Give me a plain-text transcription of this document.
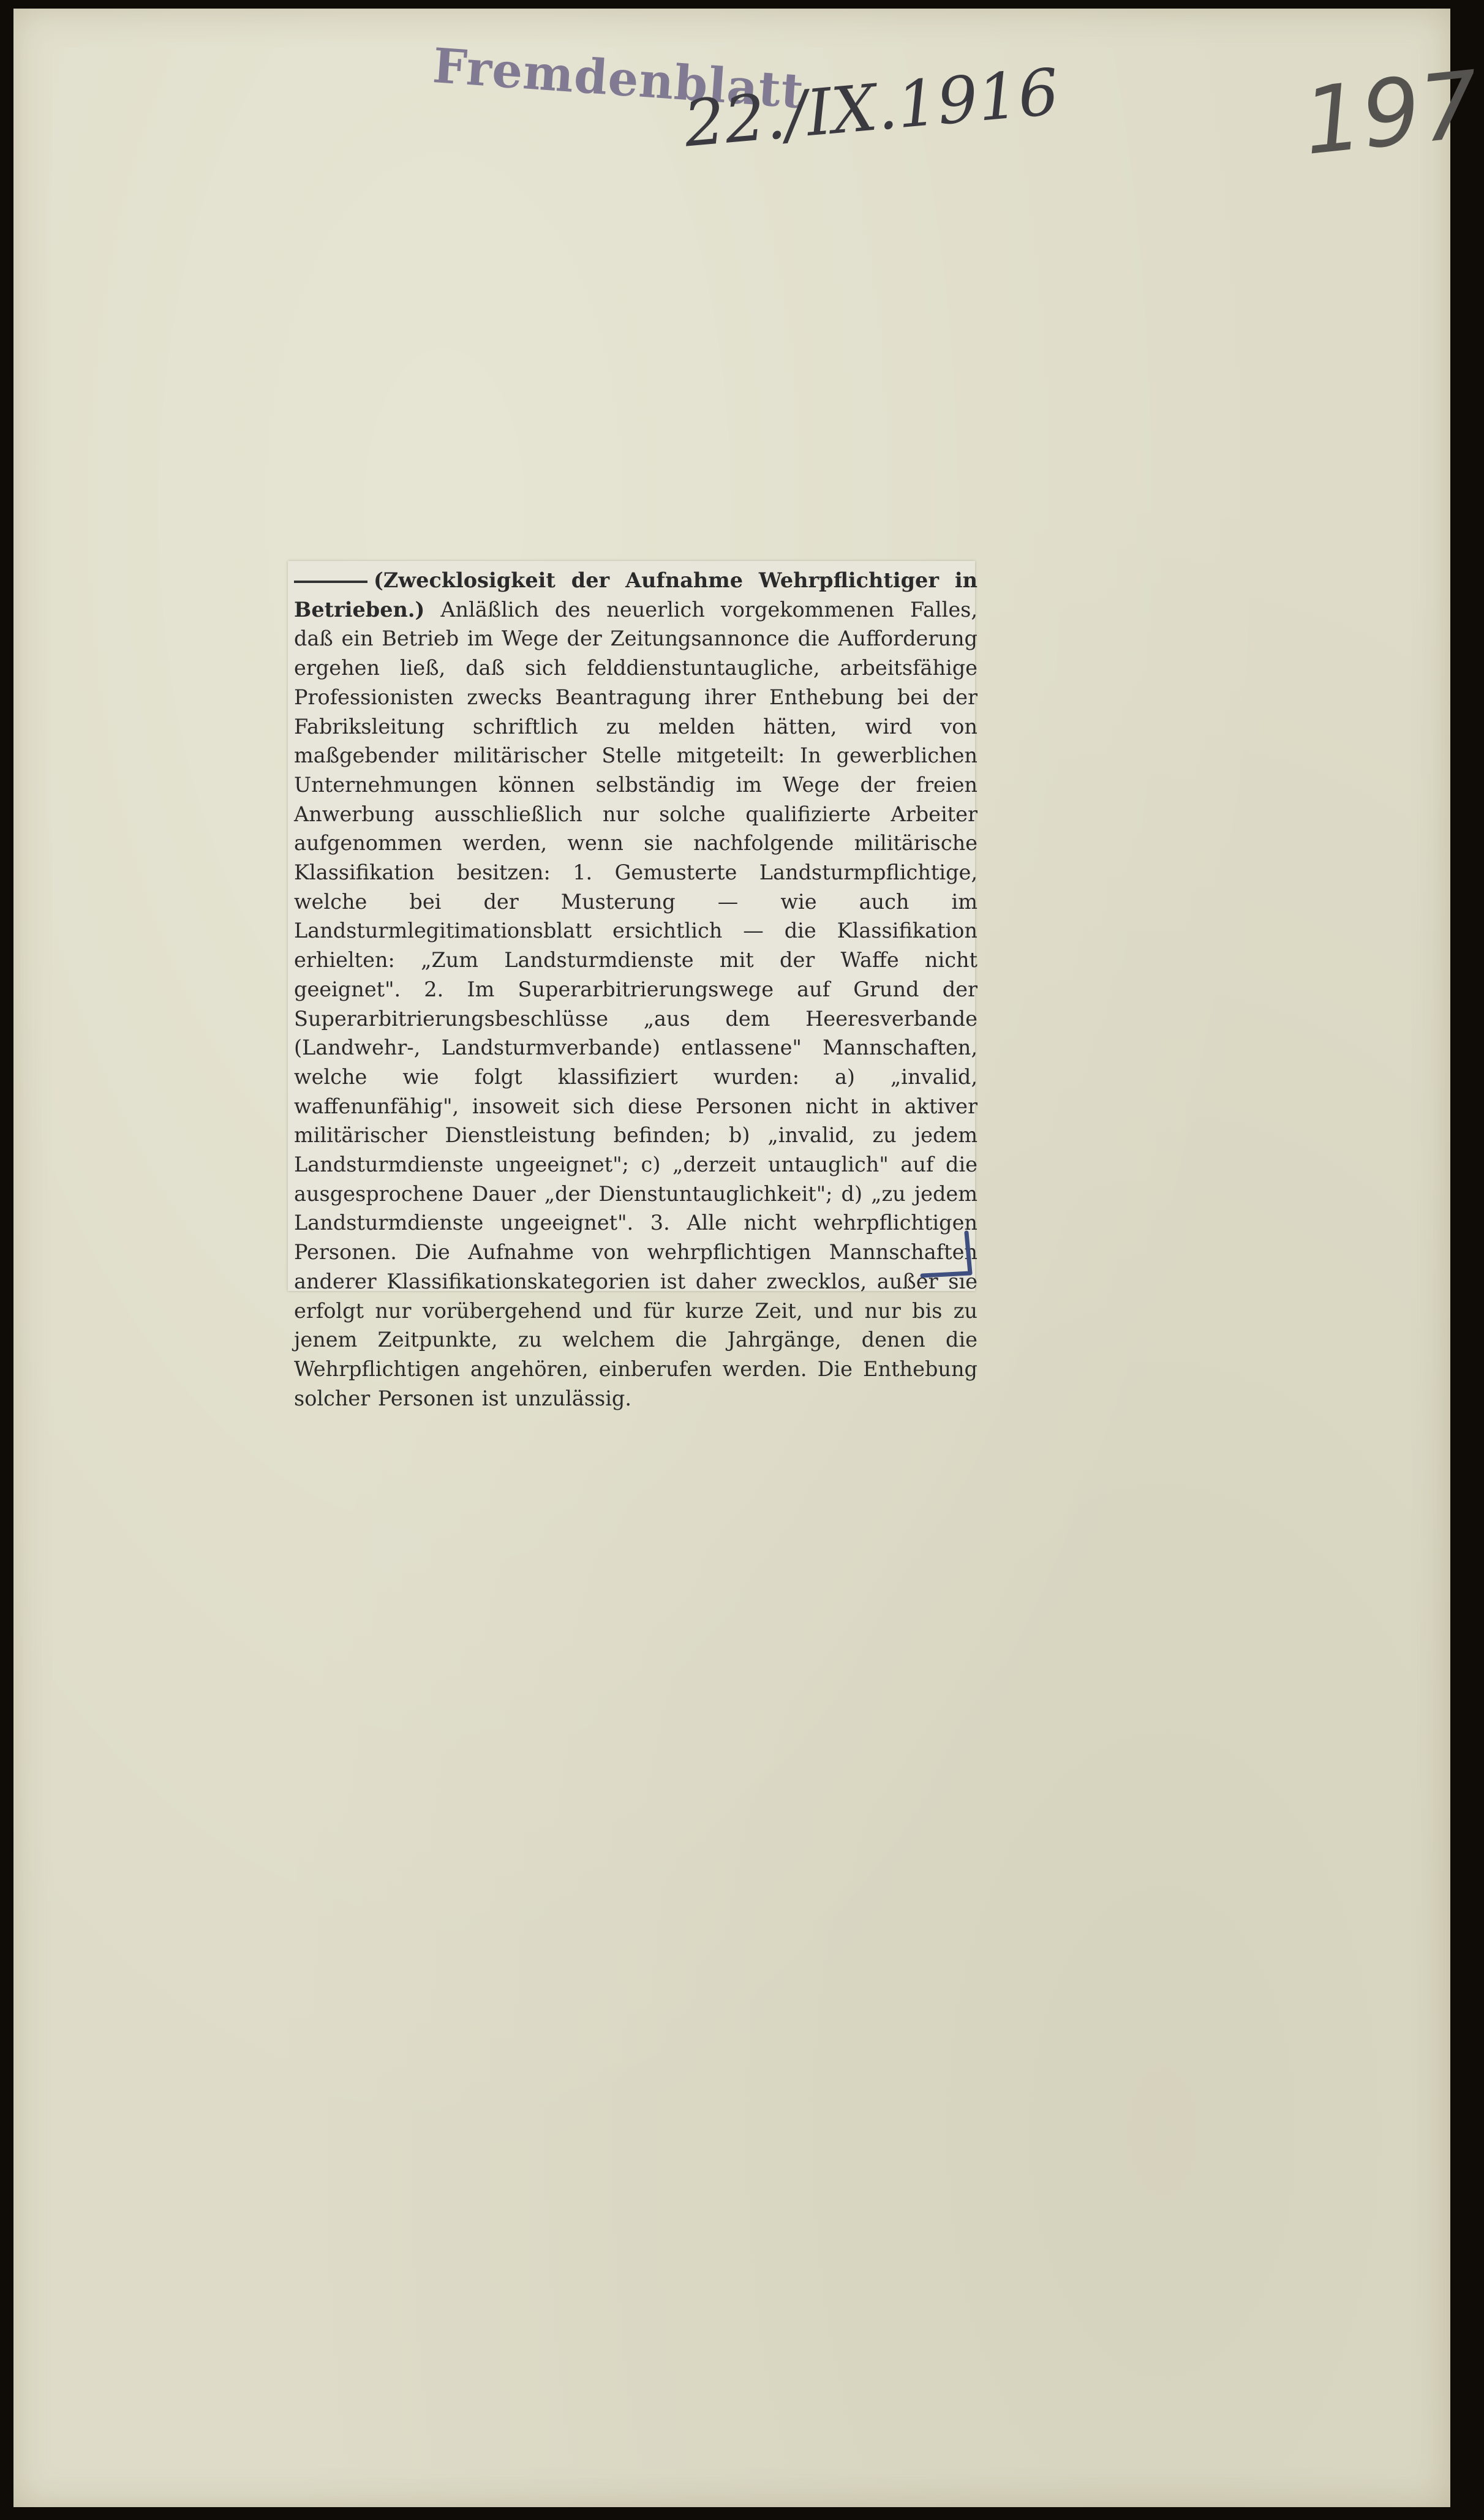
Fremdenblatt
22./IX.1916	197

(Zwecklosigkeit der Aufnahme Wehrpflichtiger in Betrieben.) Anläßlich des neuerlich vorgekommenen Falles, daß ein Betrieb im Wege der Zeitungsannonce die Aufforderung ergehen ließ, daß sich felddienstuntaugliche, arbeitsfähige Professionisten zwecks Beantragung ihrer Enthebung bei der Fabriksleitung schriftlich zu melden hätten, wird von maßgebender militärischer Stelle mitgeteilt: In gewerblichen Unternehmungen können selbständig im Wege der freien Anwerbung ausschließlich nur solche qualifizierte Arbeiter aufgenommen werden, wenn sie nachfolgende militärische Klassifikation besitzen: 1. Gemusterte Landsturmpflichtige, welche bei der Musterung — wie auch im Landsturmlegitimationsblatt ersichtlich — die Klassifikation erhielten: „Zum Landsturmdienste mit der Waffe nicht geeignet". 2. Im Superarbitrierungswege auf Grund der Superarbitrierungsbeschlüsse „aus dem Heeresverbande (Landwehr-, Landsturmverbande) entlassene" Mannschaften, welche wie folgt klassifiziert wurden: a) „invalid, waffenunfähig", insoweit sich diese Personen nicht in aktiver militärischer Dienstleistung befinden; b) „invalid, zu jedem Landsturmdienste ungeeignet"; c) „derzeit untauglich" auf die ausgesprochene Dauer „der Dienstuntauglichkeit"; d) „zu jedem Landsturmdienste ungeeignet". 3. Alle nicht wehrpflichtigen Personen. Die Aufnahme von wehrpflichtigen Mannschaften anderer Klassifikationskategorien ist daher zwecklos, außer sie erfolgt nur vorübergehend und für kurze Zeit, und nur bis zu jenem Zeitpunkte, zu welchem die Jahrgänge, denen die Wehrpflichtigen angehören, einberufen werden. Die Enthebung solcher Personen ist unzulässig.
